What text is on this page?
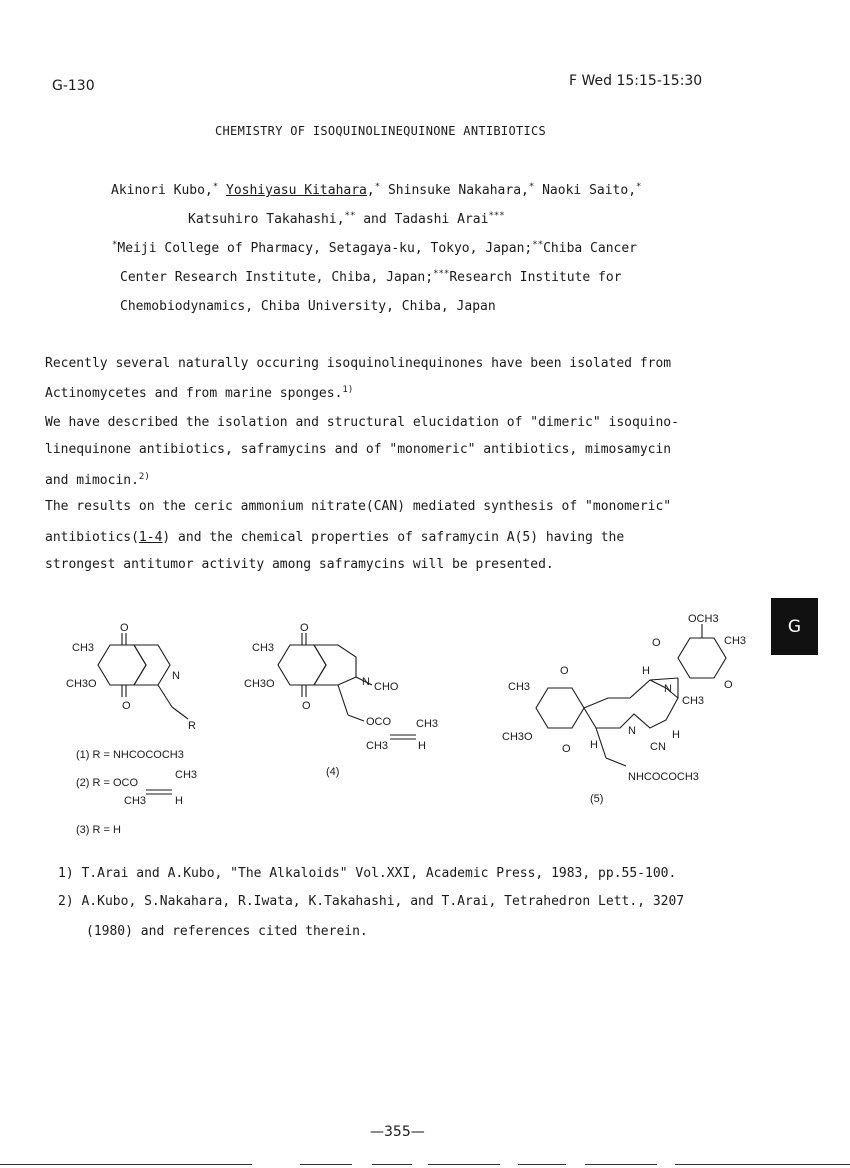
G-130	F Wed 15:15-15:30
CHEMISTRY OF ISOQUINOLINEQUINONE ANTIBIOTICS
Akinori Kubo,* Yoshiyasu Kitahara,* Shinsuke Nakahara,* Naoki Saito,*
Katsuhiro Takahashi,** and Tadashi Arai***
*Meiji College of Pharmacy, Setagaya-ku, Tokyo, Japan;**Chiba Cancer
Center Research Institute, Chiba, Japan;***Research Institute for
Chemobiodynamics, Chiba University, Chiba, Japan
Recently several naturally occuring isoquinolinequinones have been isolated from
Actinomycetes and from marine sponges.$^{1)}$
We have described the isolation and structural elucidation of "dimeric" isoquino-
linequinone antibiotics, saframycins and of "monomeric" antibiotics, mimosamycin
and mimocin.$^{2)}$
The results on the ceric ammonium nitrate(CAN) mediated synthesis of "monomeric"
antibiotics(1-4) and the chemical properties of saframycin A(5) having the
strongest antitumor activity among saframycins will be presented.
G
O
CH3
N
CH3O
O
R
(1) R = NHCOCOCH3
(2) R = OCO
CH3
CH3	H
(3) R = H
O
CH3
N CHO
CH3O
O
OCO CH3
CH3	H
(4)
OCH3
O	CH3
O
H
N
CH3
O
CH3
CH3O
O
N
H
H
CN
NHCOCOCH3
(5)
1) T.Arai and A.Kubo, "The Alkaloids" Vol.XXI, Academic Press, 1983, pp.55-100.
2) A.Kubo, S.Nakahara, R.Iwata, K.Takahashi, and T.Arai, Tetrahedron Lett., 3207
(1980) and references cited therein.
—355—
